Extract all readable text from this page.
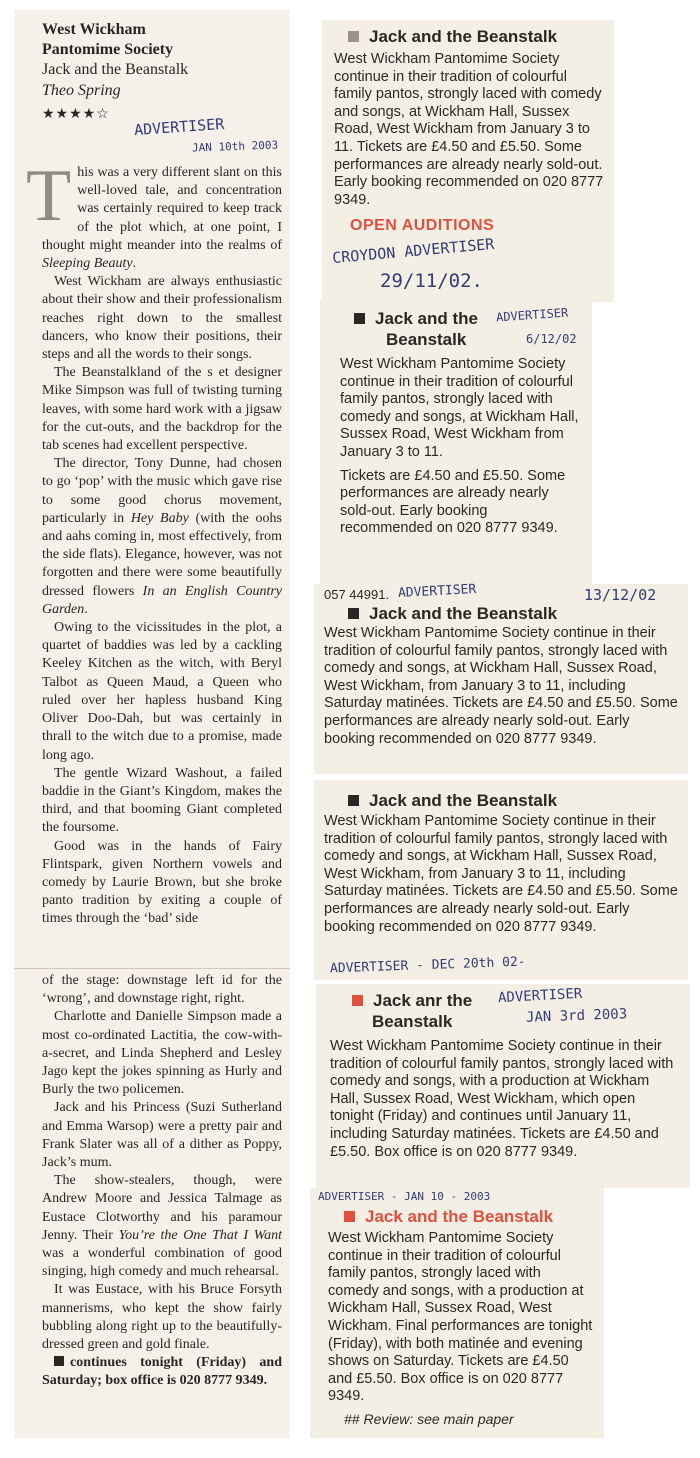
West Wickham
Pantomime Society
Jack and the Beanstalk
Theo Spring
★★★★☆
ADVERTISER
JAN 10th 2003

This was a very different slant on this well-loved tale, and concentration was certainly required to keep track of the plot which, at one point, I thought might meander into the realms of Sleeping Beauty.

West Wickham are always enthusiastic about their show and their professionalism reaches right down to the smallest dancers, who know their positions, their steps and all the words to their songs.

The Beanstalkland of the s et designer Mike Simpson was full of twisting turning leaves, with some hard work with a jigsaw for the cut-outs, and the backdrop for the tab scenes had excellent perspective.

The director, Tony Dunne, had chosen to go ‘pop’ with the music which gave rise to some good chorus movement, particularly in Hey Baby (with the oohs and aahs coming in, most effectively, from the side flats). Elegance, however, was not forgotten and there were some beautifully dressed flowers In an English Country Garden.

Owing to the vicissitudes in the plot, a quartet of baddies was led by a cackling Keeley Kitchen as the witch, with Beryl Talbot as Queen Maud, a Queen who ruled over her hapless husband King Oliver Doo-Dah, but was certainly in thrall to the witch due to a promise, made long ago.

The gentle Wizard Washout, a failed baddie in the Giant’s Kingdom, makes the third, and that booming Giant completed the foursome.

Good was in the hands of Fairy Flintspark, given Northern vowels and comedy by Laurie Brown, but she broke panto tradition by exiting a couple of times through the ‘bad’ side

of the stage: downstage left id for the ‘wrong’, and downstage right, right.

Charlotte and Danielle Simpson made a most co-ordinated Lactitia, the cow-with-a-secret, and Linda Shepherd and Lesley Jago kept the jokes spinning as Hurly and Burly the two policemen.

Jack and his Princess (Suzi Sutherland and Emma Warsop) were a pretty pair and Frank Slater was all of a dither as Poppy, Jack’s mum.

The show-stealers, though, were Andrew Moore and Jessica Talmage as Eustace Clotworthy and his paramour Jenny. Their You’re the One That I Want was a wonderful combination of good singing, high comedy and much rehearsal.

It was Eustace, with his Bruce Forsyth mannerisms, who kept the show fairly bubbling along right up to the beautifully-dressed green and gold finale.

continues tonight (Friday) and Saturday; box office is 020 8777 9349.

Jack and the Beanstalk
West Wickham Pantomime Society continue in their tradition of colourful family pantos, strongly laced with comedy and songs, at Wickham Hall, Sussex Road, West Wickham from January 3 to 11. Tickets are £4.50 and £5.50. Some performances are already nearly sold-out. Early booking recommended on 020 8777 9349.
OPEN AUDITIONS
CROYDON ADVERTISER
29/11/02.
Jack and the
Beanstalk
ADVERTISER
6/12/02
West Wickham Pantomime Society continue in their tradition of colourful family pantos, strongly laced with comedy and songs, at Wickham Hall, Sussex Road, West Wickham from January 3 to 11.
Tickets are £4.50 and £5.50. Some performances are already nearly sold-out. Early booking recommended on 020 8777 9349.
057 44991. ADVERTISER	13/12/02
Jack and the Beanstalk
West Wickham Pantomime Society continue in their tradition of colourful family pantos, strongly laced with comedy and songs, at Wickham Hall, Sussex Road, West Wickham, from January 3 to 11, including Saturday matinées. Tickets are £4.50 and £5.50. Some performances are already nearly sold-out. Early booking recommended on 020 8777 9349.
Jack and the Beanstalk
West Wickham Pantomime Society continue in their tradition of colourful family pantos, strongly laced with comedy and songs, at Wickham Hall, Sussex Road, West Wickham, from January 3 to 11, including Saturday matinées. Tickets are £4.50 and £5.50. Some performances are already nearly sold-out. Early booking recommended on 020 8777 9349.
ADVERTISER - DEC 20th 02-
Jack anr the
Beanstalk
ADVERTISER
JAN 3rd 2003
West Wickham Pantomime Society continue in their tradition of colourful family pantos, strongly laced with comedy and songs, with a production at Wickham Hall, Sussex Road, West Wickham, which open tonight (Friday) and continues until January 11, including Saturday matinées. Tickets are £4.50 and £5.50. Box office is on 020 8777 9349.
ADVERTISER - JAN 10 - 2003
Jack and the Beanstalk
West Wickham Pantomime Society continue in their tradition of colourful family pantos, strongly laced with comedy and songs, with a production at Wickham Hall, Sussex Road, West Wickham. Final performances are tonight (Friday), with both matinée and evening shows on Saturday. Tickets are £4.50 and £5.50. Box office is on 020 8777 9349.
## Review: see main paper
